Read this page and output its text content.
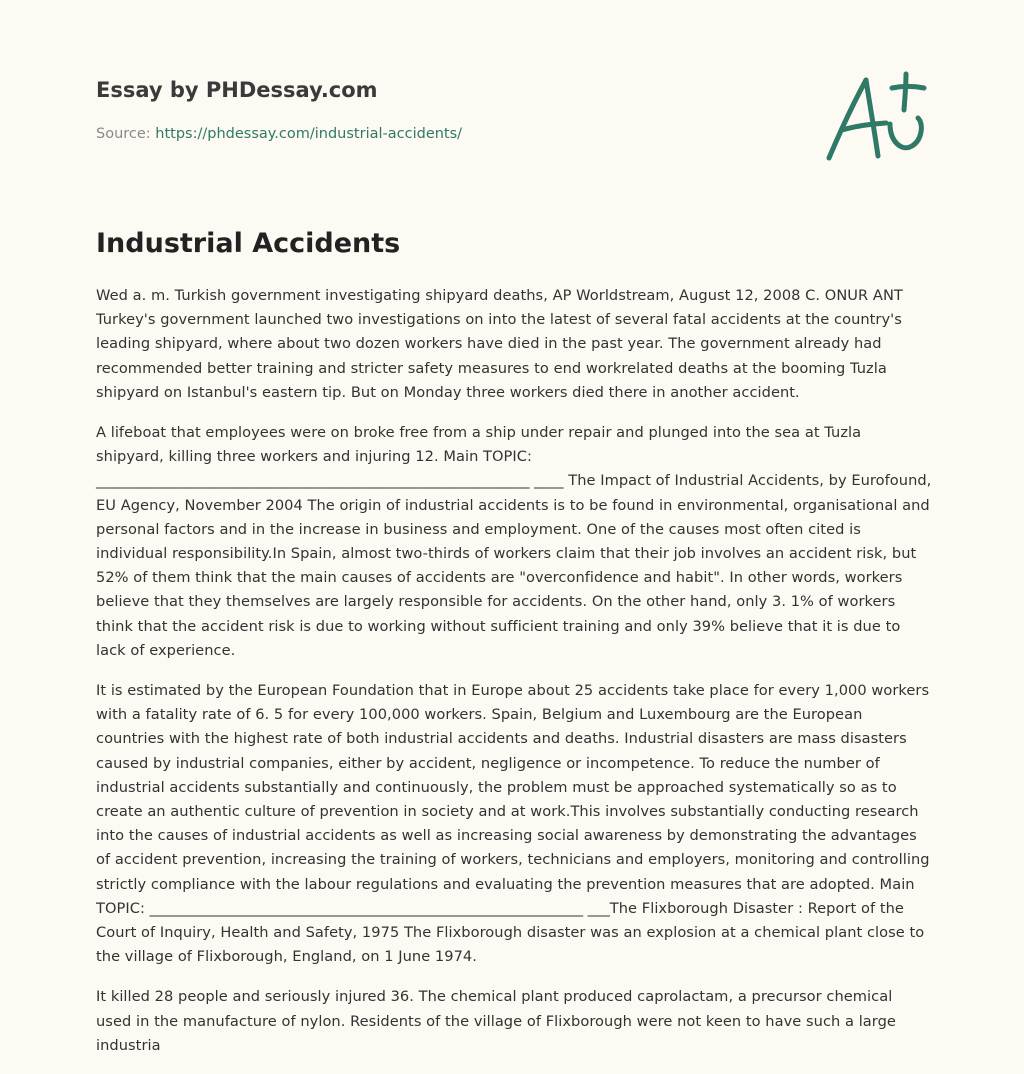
Essay by PHDessay.com
Source: https://phdessay.com/industrial-accidents/
Industrial Accidents

Wed a. m. Turkish government investigating shipyard deaths, AP Worldstream, August 12, 2008 C. ONUR ANT Turkey's government launched two investigations on into the latest of several fatal accidents at the country's leading shipyard, where about two dozen workers have died in the past year. The government already had recommended better training and stricter safety measures to end workrelated deaths at the booming Tuzla shipyard on Istanbul's eastern tip. But on Monday three workers died there in another accident.

A lifeboat that employees were on broke free from a ship under repair and plunged into the sea at Tuzla shipyard, killing three workers and injuring 12. Main TOPIC: ___________________________________________________________ ____ The Impact of Industrial Accidents, by Eurofound, EU Agency, November 2004 The origin of industrial accidents is to be found in environmental, organisational and personal factors and in the increase in business and employment. One of the causes most often cited is individual responsibility.In Spain, almost two-thirds of workers claim that their job involves an accident risk, but 52% of them think that the main causes of accidents are "overconfidence and habit". In other words, workers believe that they themselves are largely responsible for accidents. On the other hand, only 3. 1% of workers think that the accident risk is due to working without sufficient training and only 39% believe that it is due to lack of experience.

It is estimated by the European Foundation that in Europe about 25 accidents take place for every 1,000 workers with a fatality rate of 6. 5 for every 100,000 workers. Spain, Belgium and Luxembourg are the European countries with the highest rate of both industrial accidents and deaths. Industrial disasters are mass disasters caused by industrial companies, either by accident, negligence or incompetence. To reduce the number of industrial accidents substantially and continuously, the problem must be approached systematically so as to create an authentic culture of prevention in society and at work.This involves substantially conducting research into the causes of industrial accidents as well as increasing social awareness by demonstrating the advantages of accident prevention, increasing the training of workers, technicians and employers, monitoring and controlling strictly compliance with the labour regulations and evaluating the prevention measures that are adopted. Main TOPIC: ___________________________________________________________ ___The Flixborough Disaster : Report of the Court of Inquiry, Health and Safety, 1975 The Flixborough disaster was an explosion at a chemical plant close to the village of Flixborough, England, on 1 June 1974.

It killed 28 people and seriously injured 36. The chemical plant produced caprolactam, a precursor chemical used in the manufacture of nylon. Residents of the village of Flixborough were not keen to have such a large industria
